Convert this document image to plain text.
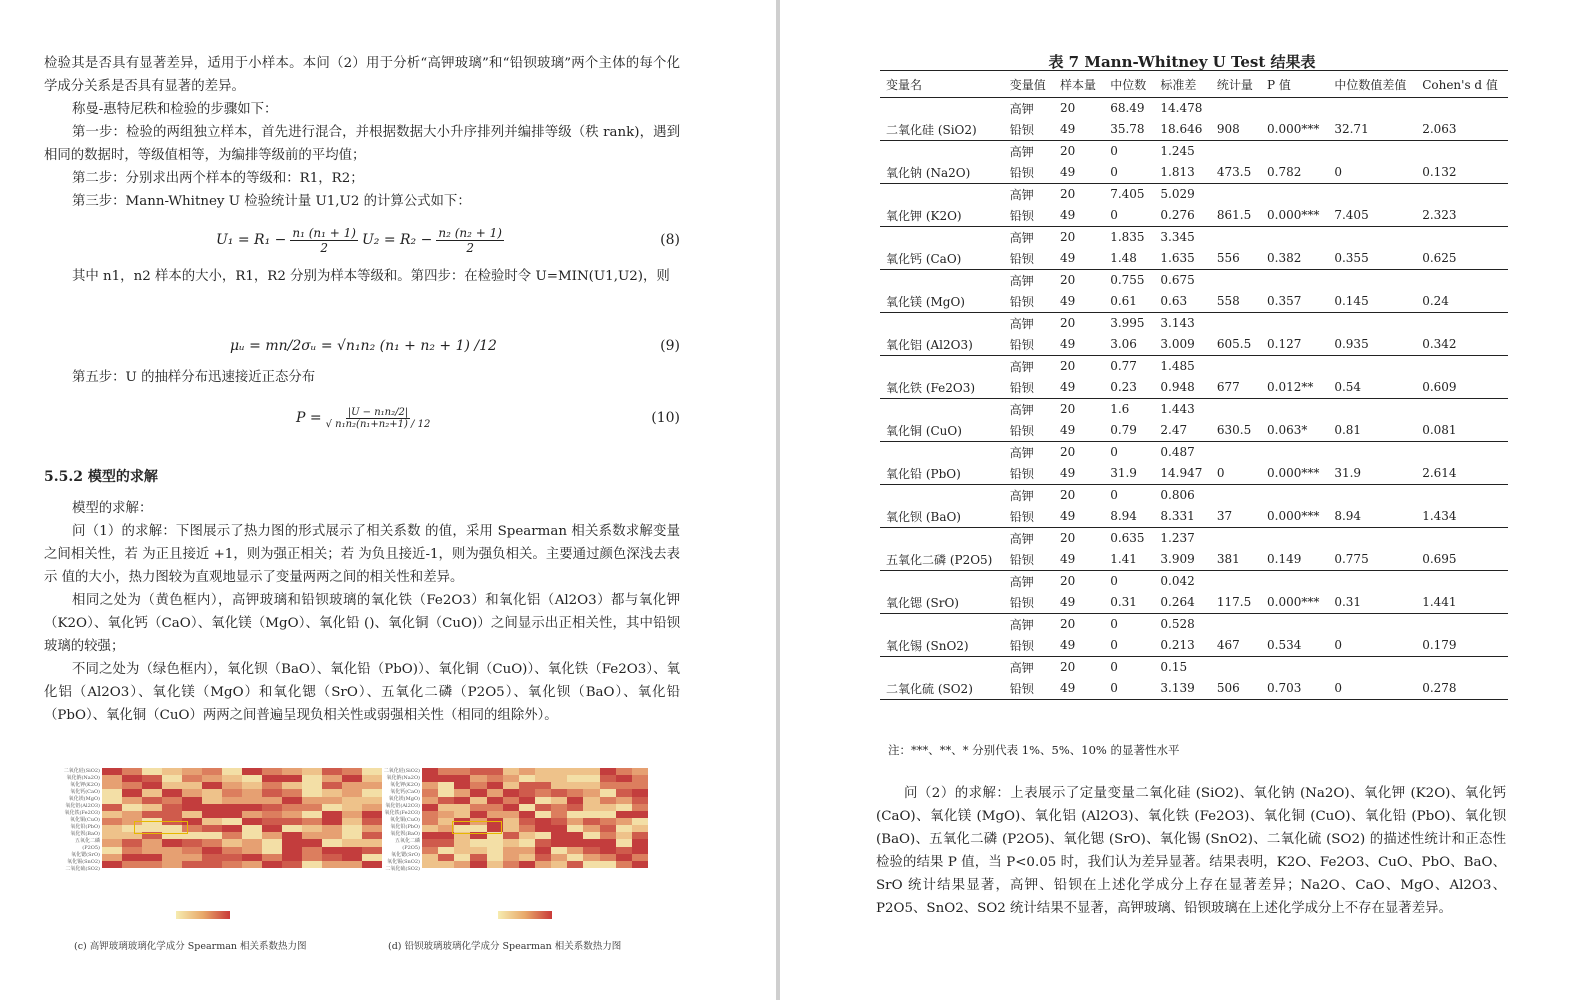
检验其是否具有显著差异，适用于小样本。本问（2）用于分析“高钾玻璃”和“铅钡玻璃”两个主体的每个化学成分关系是否具有显著的差异。
称曼-惠特尼秩和检验的步骤如下：
第一步：检验的两组独立样本，首先进行混合，并根据数据大小升序排列并编排等级（秩 rank)，遇到相同的数据时，等级值相等，为编排等级前的平均值；
第二步：分别求出两个样本的等级和：R1，R2；
第三步：Mann-Whitney U 检验统计量 U1,U2 的计算公式如下：
$U_1 = R_1 - \frac{\text{n₁ (n₁ + 1)}}{2} U_2 = R_2 - \frac{\text{n₂ (n₂ + 1)}}{2}$	(8)
其中 n1，n2 样本的大小，R1，R2 分别为样本等级和。第四步：在检验时令 U=MIN(U1,U2)，则
μᵤ = mn/2σᵤ = √n₁n₂ (n₁ + n₂ + 1) /12	(9)
第五步：U 的抽样分布迅速接近正态分布
$P = \frac{\text{|U − n₁n₂/2|}}{\text{√ n₁n₂(n₁+n₂+1) / 12}}$	(10)
5.5.2 模型的求解
模型的求解：
问（1）的求解：下图展示了热力图的形式展示了相关系数 的值，采用 Spearman 相关系数求解变量之间相关性，若 为正且接近 +1，则为强正相关；若 为负且接近-1，则为强负相关。主要通过颜色深浅去表示 值的大小，热力图较为直观地显示了变量两两之间的相关性和差异。
相同之处为（黄色框内），高钾玻璃和铅钡玻璃的氧化铁（Fe2O3）和氧化铝（Al2O3）都与氧化钾（K2O）、氧化钙（CaO）、氧化镁（MgO）、氧化铅 ()、氧化铜（CuO)）之间显示出正相关性，其中铅钡玻璃的较强；
不同之处为（绿色框内），氧化钡（BaO）、氧化铅（PbO)）、氧化铜（CuO)）、氧化铁（Fe2O3）、氧化铝（Al2O3）、氧化镁（MgO）和氧化锶（SrO）、五氧化二磷（P2O5）、氧化钡（BaO）、氧化铅（PbO）、氧化铜（CuO）两两之间普遍呈现负相关性或弱强相关性（相同的组除外）。
二氧化硅(SiO2)
氧化钠(Na2O)
氧化钾(K2O)
氧化钙(CaO)
氧化镁(MgO)
氧化铝(Al2O3)
氧化铁(Fe2O3)
氧化铜(CuO)
氧化铅(PbO)
氧化钡(BaO)
五氧化二磷(P2O5)
氧化锶(SrO)
氧化锡(SnO2)
二氧化硫(SO2)
(c) 高钾玻璃玻璃化学成分 Spearman 相关系数热力图
二氧化硅(SiO2)
氧化钠(Na2O)
氧化钾(K2O)
氧化钙(CaO)
氧化镁(MgO)
氧化铝(Al2O3)
氧化铁(Fe2O3)
氧化铜(CuO)
氧化铅(PbO)
氧化钡(BaO)
五氧化二磷(P2O5)
氧化锶(SrO)
氧化锡(SnO2)
二氧化硫(SO2)
(d) 铅钡玻璃玻璃化学成分 Spearman 相关系数热力图
表 7 Mann-Whitney U Test 结果表
变量名	变量值	样本量	中位数	标准差	统计量	P 值	中位数值差值	Cohen's d 值
	高钾	20	68.49	14.478				
二氧化硅 (SiO2)	铅钡	49	35.78	18.646	908	0.000***	32.71	2.063
	高钾	20	0	1.245				
氧化钠 (Na2O)	铅钡	49	0	1.813	473.5	0.782	0	0.132
	高钾	20	7.405	5.029				
氧化钾 (K2O)	铅钡	49	0	0.276	861.5	0.000***	7.405	2.323
	高钾	20	1.835	3.345				
氧化钙 (CaO)	铅钡	49	1.48	1.635	556	0.382	0.355	0.625
	高钾	20	0.755	0.675				
氧化镁 (MgO)	铅钡	49	0.61	0.63	558	0.357	0.145	0.24
	高钾	20	3.995	3.143				
氧化铝 (Al2O3)	铅钡	49	3.06	3.009	605.5	0.127	0.935	0.342
	高钾	20	0.77	1.485				
氧化铁 (Fe2O3)	铅钡	49	0.23	0.948	677	0.012**	0.54	0.609
	高钾	20	1.6	1.443				
氧化铜 (CuO)	铅钡	49	0.79	2.47	630.5	0.063*	0.81	0.081
	高钾	20	0	0.487				
氧化铅 (PbO)	铅钡	49	31.9	14.947	0	0.000***	31.9	2.614
	高钾	20	0	0.806				
氧化钡 (BaO)	铅钡	49	8.94	8.331	37	0.000***	8.94	1.434
	高钾	20	0.635	1.237				
五氧化二磷 (P2O5)	铅钡	49	1.41	3.909	381	0.149	0.775	0.695
	高钾	20	0	0.042				
氧化锶 (SrO)	铅钡	49	0.31	0.264	117.5	0.000***	0.31	1.441
	高钾	20	0	0.528				
氧化锡 (SnO2)	铅钡	49	0	0.213	467	0.534	0	0.179
	高钾	20	0	0.15				
二氧化硫 (SO2)	铅钡	49	0	3.139	506	0.703	0	0.278
注：***、**、* 分别代表 1%、5%、10% 的显著性水平
问（2）的求解：上表展示了定量变量二氧化硅 (SiO2)、氧化钠 (Na2O)、氧化钾 (K2O)、氧化钙 (CaO)、氧化镁 (MgO)、氧化铝 (Al2O3)、氧化铁 (Fe2O3)、氧化铜 (CuO)、氧化铅 (PbO)、氧化钡 (BaO)、五氧化二磷 (P2O5)、氧化锶 (SrO)、氧化锡 (SnO2)、二氧化硫 (SO2) 的描述性统计和正态性检验的结果 P 值，当 P<0.05 时，我们认为差异显著。结果表明，K2O、Fe2O3、CuO、PbO、BaO、SrO 统计结果显著，高钾、铅钡在上述化学成分上存在显著差异；Na2O、CaO、MgO、Al2O3、P2O5、SnO2、SO2 统计结果不显著，高钾玻璃、铅钡玻璃在上述化学成分上不存在显著差异。
